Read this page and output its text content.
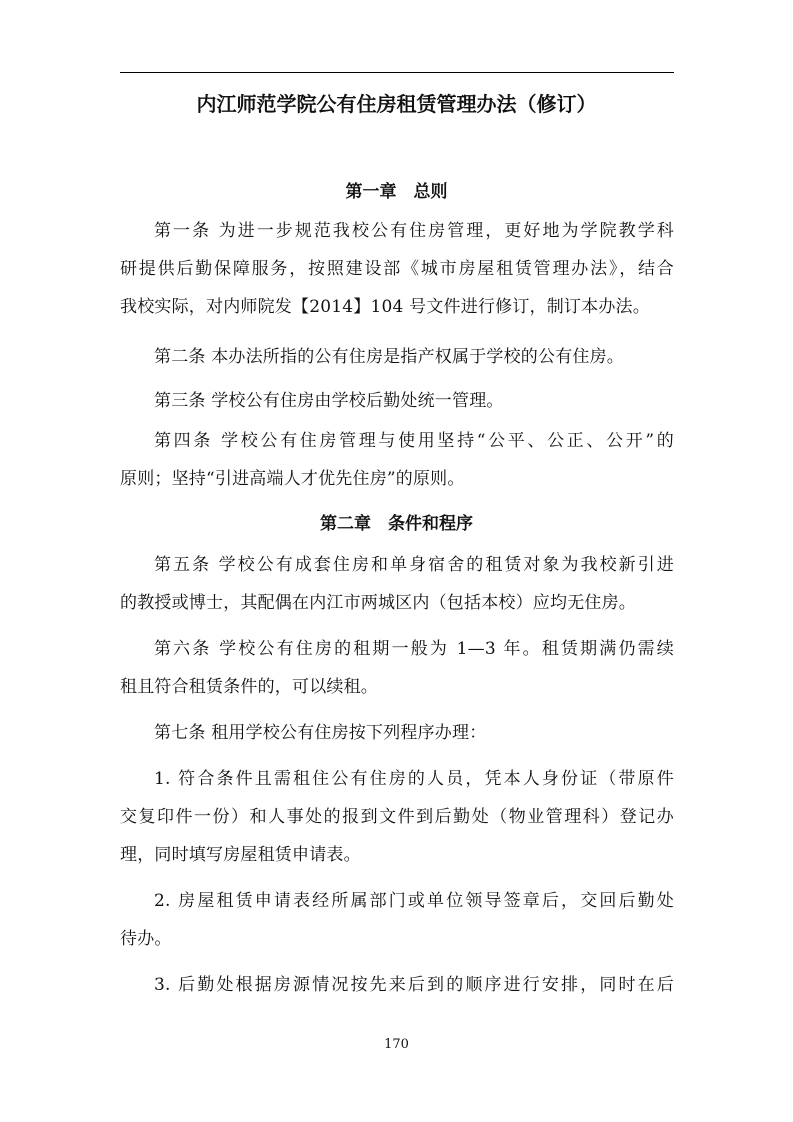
内江师范学院公有住房租赁管理办法（修订）
第一章　总则

第一条 为进一步规范我校公有住房管理，更好地为学院教学科
研提供后勤保障服务，按照建设部《城市房屋租赁管理办法》，结合
我校实际，对内师院发【2014】104 号文件进行修订，制订本办法。

第二条 本办法所指的公有住房是指产权属于学校的公有住房。

第三条 学校公有住房由学校后勤处统一管理。

第四条 学校公有住房管理与使用坚持“公平、公正、公开”的
原则；坚持“引进高端人才优先住房”的原则。

第二章　条件和程序

第五条 学校公有成套住房和单身宿舍的租赁对象为我校新引进
的教授或博士，其配偶在内江市两城区内（包括本校）应均无住房。

第六条 学校公有住房的租期一般为 1—3 年。租赁期满仍需续
租且符合租赁条件的，可以续租。

第七条 租用学校公有住房按下列程序办理：

1. 符合条件且需租住公有住房的人员，凭本人身份证（带原件
交复印件一份）和人事处的报到文件到后勤处（物业管理科）登记办
理，同时填写房屋租赁申请表。

2. 房屋租赁申请表经所属部门或单位领导签章后，交回后勤处
待办。

3. 后勤处根据房源情况按先来后到的顺序进行安排，同时在后

170
